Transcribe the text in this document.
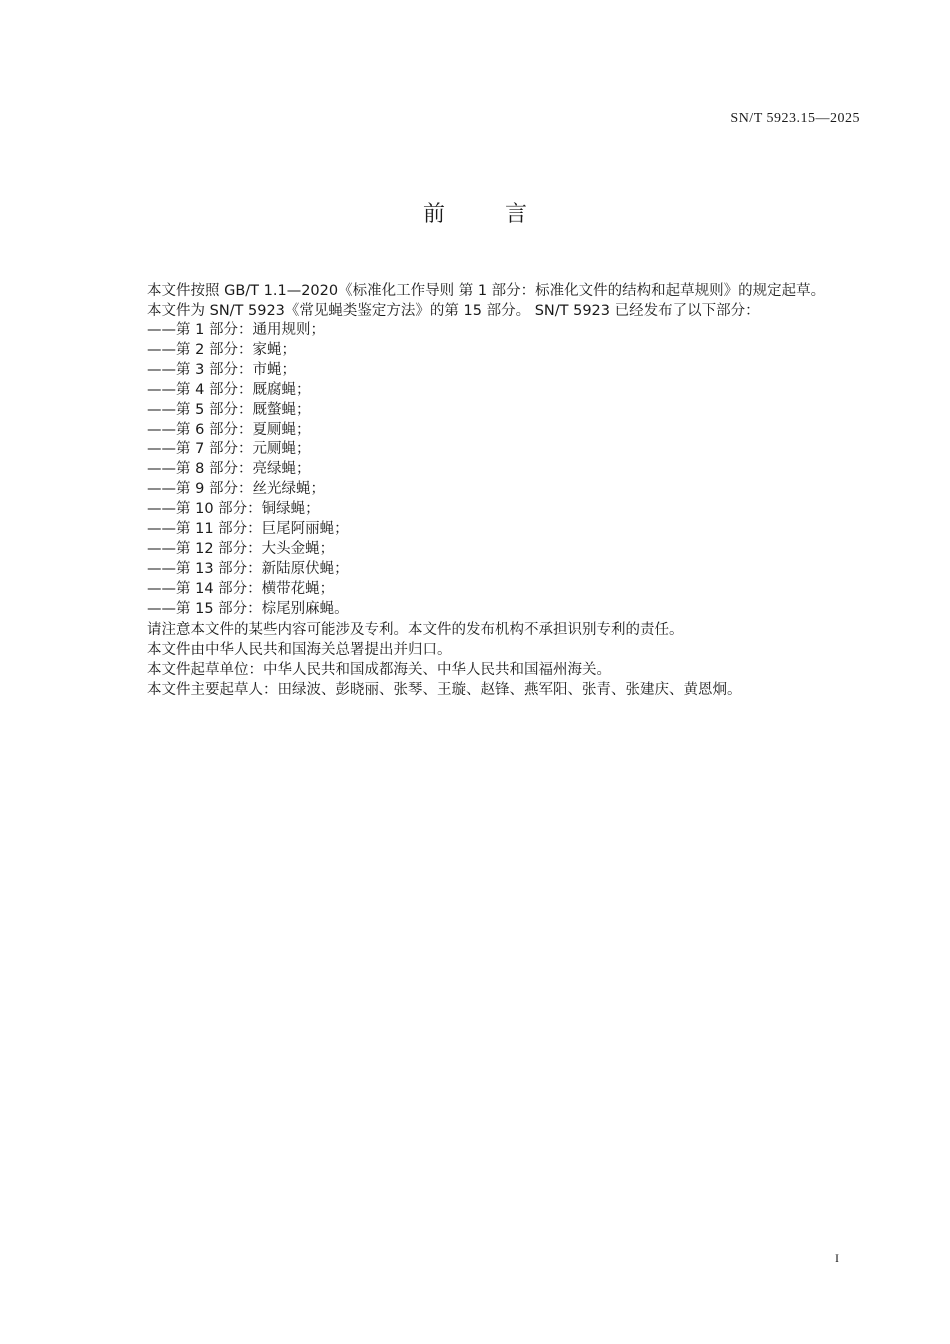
SN/T 5923.15—2025
前言

本文件按照 GB/T 1.1—2020《标准化工作导则 第 1 部分：标准化文件的结构和起草规则》的规定起草。

本文件为 SN/T 5923《常见蝇类鉴定方法》的第 15 部分。 SN/T 5923 已经发布了以下部分：

——第 1 部分：通用规则；
——第 2 部分：家蝇；
——第 3 部分：市蝇；
——第 4 部分：厩腐蝇；
——第 5 部分：厩螫蝇；
——第 6 部分：夏厕蝇；
——第 7 部分：元厕蝇；
——第 8 部分：亮绿蝇；
——第 9 部分：丝光绿蝇；
——第 10 部分：铜绿蝇；
——第 11 部分：巨尾阿丽蝇；
——第 12 部分：大头金蝇；
——第 13 部分：新陆原伏蝇；
——第 14 部分：横带花蝇；
——第 15 部分：棕尾别麻蝇。

请注意本文件的某些内容可能涉及专利。本文件的发布机构不承担识别专利的责任。

本文件由中华人民共和国海关总署提出并归口。

本文件起草单位：中华人民共和国成都海关、中华人民共和国福州海关。

本文件主要起草人：田绿波、彭晓丽、张琴、王璇、赵锋、燕军阳、张青、张建庆、黄恩炯。

I
